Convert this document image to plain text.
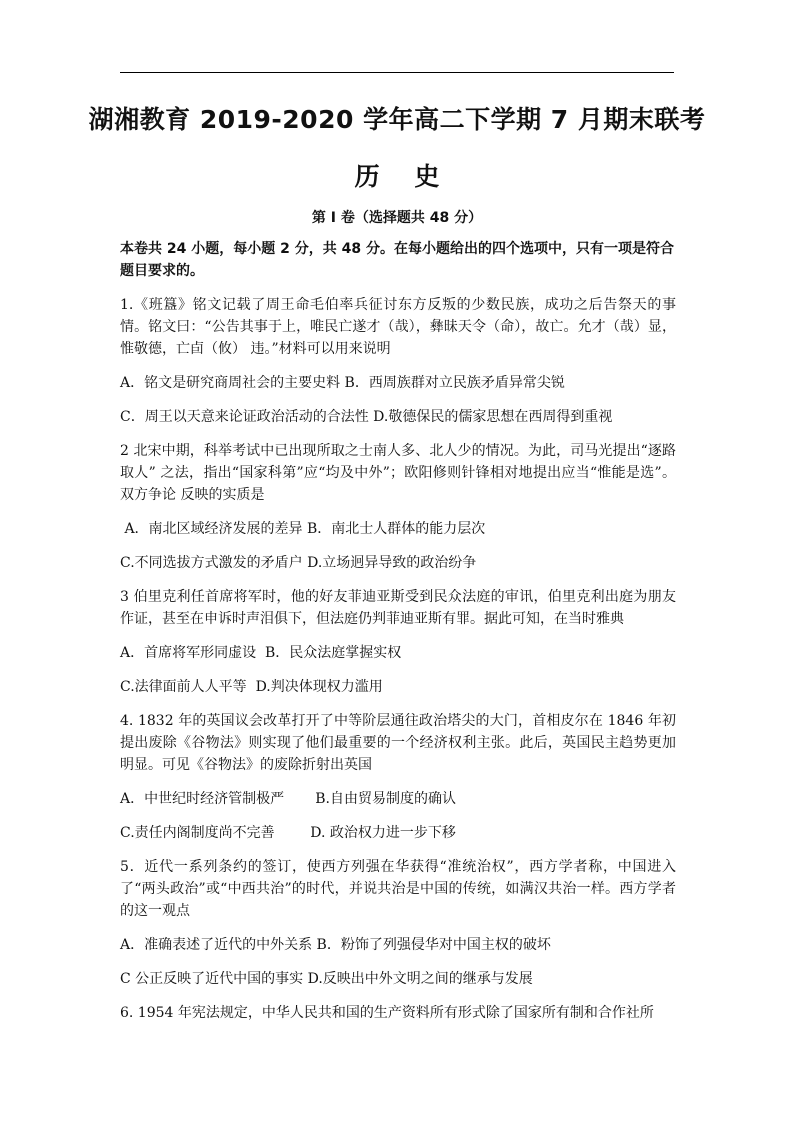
湖湘教育 2019-2020 学年高二下学期 7 月期末联考
历    史
第 I 卷（选择题共 48 分）

本卷共 24 小题，每小题 2 分，共 48 分。在每小题给出的四个选项中，只有一项是符合题目要求的。

1.《班簋》铭文记载了周王命毛伯率兵征讨东方反叛的少数民族，成功之后告祭天的事情。铭文曰：“公告其事于上，唯民亡遂才（哉），彝昧天令（命），故亡。允才（哉）显，惟敬德，亡卣（攸） 违。”材料可以用来说明

A．铭文是研究商周社会的主要史料 B．西周族群对立民族矛盾异常尖锐

C．周王以天意来论证政治活动的合法性 D.敬德保民的儒家思想在西周得到重视

2 北宋中期，科举考试中已出现所取之士南人多、北人少的情况。为此，司马光提出“逐路取人” 之法，指出“国家科第”应“均及中外”；欧阳修则针锋相对地提出应当“惟能是选”。双方争论 反映的实质是

A．南北区域经济发展的差异 B．南北士人群体的能力层次

C.不同选拔方式激发的矛盾户 D.立场迥异导致的政治纷争

3 伯里克利任首席将军时，他的好友菲迪亚斯受到民众法庭的审讯，伯里克利出庭为朋友作证，甚至在申诉时声泪俱下，但法庭仍判菲迪亚斯有罪。据此可知，在当时雅典

A．首席将军形同虚设  B．民众法庭掌握实权

C.法律面前人人平等  D.判决体现权力滥用

4. 1832 年的英国议会改革打开了中等阶层通往政治塔尖的大门，首相皮尔在 1846 年初提出废除《谷物法》则实现了他们最重要的一个经济权利主张。此后，英国民主趋势更加明显。可见《谷物法》的废除折射出英国

A．中世纪时经济管制极严       B.自由贸易制度的确认

C.责任内阁制度尚不完善        D. 政治权力进一步下移

5．近代一系列条约的签订，使西方列强在华获得“准统治权”，西方学者称，中国进入了“两头政治”或“中西共治”的时代，并说共治是中国的传统，如满汉共治一样。西方学者的这一观点

A．准确表述了近代的中外关系 B．粉饰了列强侵华对中国主权的破坏

C 公正反映了近代中国的事实 D.反映出中外文明之间的继承与发展

6. 1954 年宪法规定，中华人民共和国的生产资料所有形式除了国家所有制和合作社所
